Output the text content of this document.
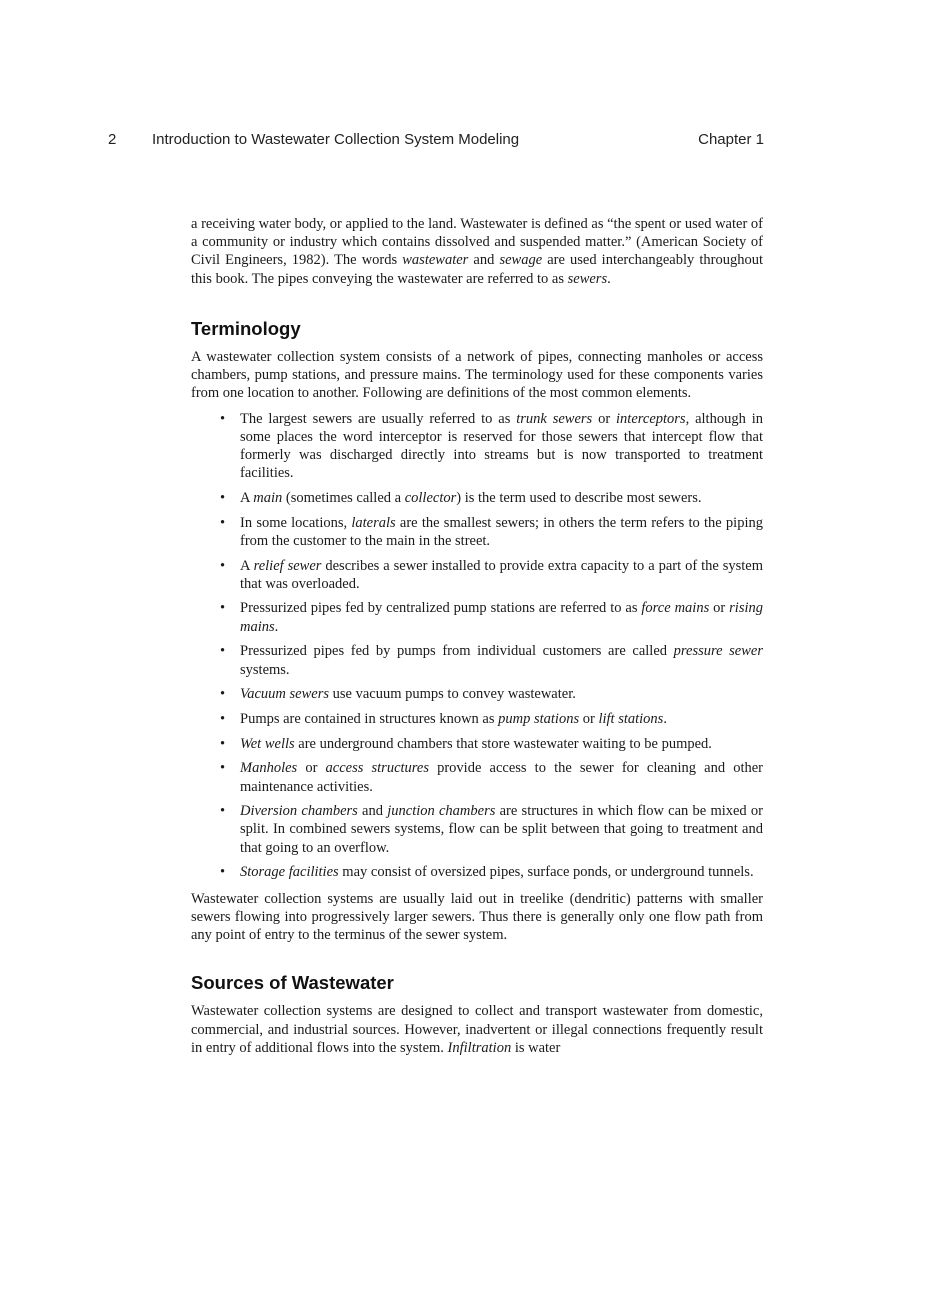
2 Introduction to Wastewater Collection System Modeling	Chapter 1

a receiving water body, or applied to the land. Wastewater is defined as “the spent or used water of a community or industry which contains dissolved and suspended matter.” (American Society of Civil Engineers, 1982). The words wastewater and sewage are used interchangeably throughout this book. The pipes conveying the wastewater are referred to as sewers.

Terminology

A wastewater collection system consists of a network of pipes, connecting manholes or access chambers, pump stations, and pressure mains. The terminology used for these components varies from one location to another. Following are definitions of the most common elements.

• The largest sewers are usually referred to as trunk sewers or interceptors, although in some places the word interceptor is reserved for those sewers that intercept flow that formerly was discharged directly into streams but is now transported to treatment facilities.
• A main (sometimes called a collector) is the term used to describe most sewers.
• In some locations, laterals are the smallest sewers; in others the term refers to the piping from the customer to the main in the street.
• A relief sewer describes a sewer installed to provide extra capacity to a part of the system that was overloaded.
• Pressurized pipes fed by centralized pump stations are referred to as force mains or rising mains.
• Pressurized pipes fed by pumps from individual customers are called pressure sewer systems.
• Vacuum sewers use vacuum pumps to convey wastewater.
• Pumps are contained in structures known as pump stations or lift stations.
• Wet wells are underground chambers that store wastewater waiting to be pumped.
• Manholes or access structures provide access to the sewer for cleaning and other maintenance activities.
• Diversion chambers and junction chambers are structures in which flow can be mixed or split. In combined sewers systems, flow can be split between that going to treatment and that going to an overflow.
• Storage facilities may consist of oversized pipes, surface ponds, or underground tunnels.

Wastewater collection systems are usually laid out in treelike (dendritic) patterns with smaller sewers flowing into progressively larger sewers. Thus there is generally only one flow path from any point of entry to the terminus of the sewer system.

Sources of Wastewater

Wastewater collection systems are designed to collect and transport wastewater from domestic, commercial, and industrial sources. However, inadvertent or illegal connections frequently result in entry of additional flows into the system. Infiltration is water
